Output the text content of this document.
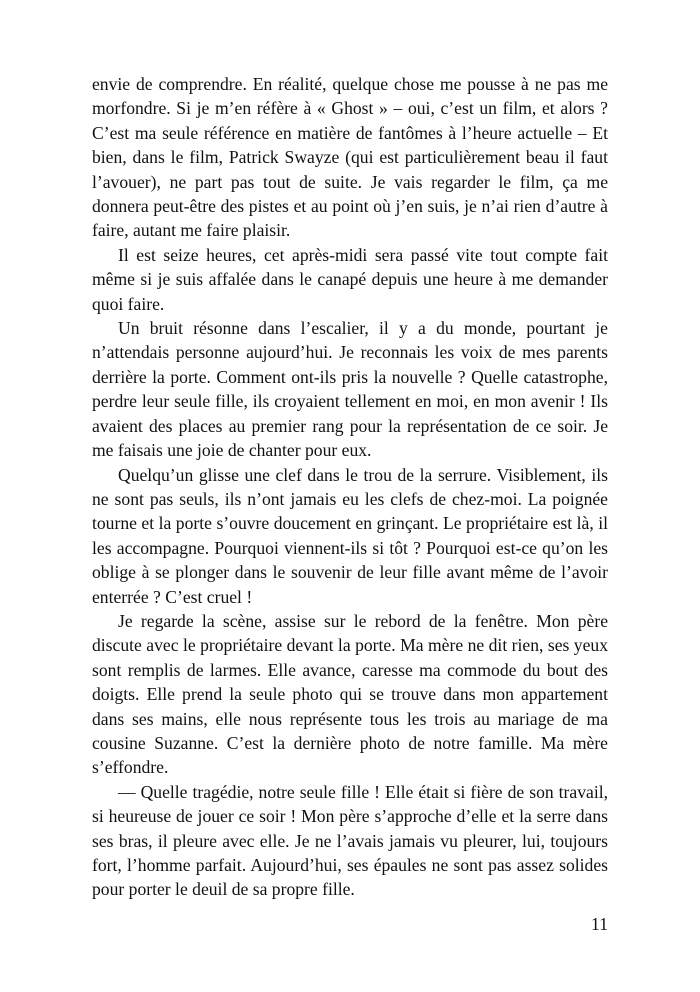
envie de comprendre. En réalité, quelque chose me pousse à ne pas me morfondre. Si je m’en réfère à « Ghost » – oui, c’est un film, et alors ? C’est ma seule référence en matière de fantômes à l’heure actuelle – Et bien, dans le film, Patrick Swayze (qui est particulièrement beau il faut l’avouer), ne part pas tout de suite. Je vais regarder le film, ça me donnera peut-être des pistes et au point où j’en suis, je n’ai rien d’autre à faire, autant me faire plaisir.

Il est seize heures, cet après-midi sera passé vite tout compte fait même si je suis affalée dans le canapé depuis une heure à me demander quoi faire.

Un bruit résonne dans l’escalier, il y a du monde, pourtant je n’attendais personne aujourd’hui. Je reconnais les voix de mes parents derrière la porte. Comment ont-ils pris la nouvelle ? Quelle catastrophe, perdre leur seule fille, ils croyaient tellement en moi, en mon avenir ! Ils avaient des places au premier rang pour la représentation de ce soir. Je me faisais une joie de chanter pour eux.

Quelqu’un glisse une clef dans le trou de la serrure. Visiblement, ils ne sont pas seuls, ils n’ont jamais eu les clefs de chez-moi. La poignée tourne et la porte s’ouvre doucement en grinçant. Le propriétaire est là, il les accompagne. Pourquoi viennent-ils si tôt ? Pourquoi est-ce qu’on les oblige à se plonger dans le souvenir de leur fille avant même de l’avoir enterrée ? C’est cruel !

Je regarde la scène, assise sur le rebord de la fenêtre. Mon père discute avec le propriétaire devant la porte. Ma mère ne dit rien, ses yeux sont remplis de larmes. Elle avance, caresse ma commode du bout des doigts. Elle prend la seule photo qui se trouve dans mon appartement dans ses mains, elle nous représente tous les trois au mariage de ma cousine Suzanne. C’est la dernière photo de notre famille. Ma mère s’effondre.

— Quelle tragédie, notre seule fille ! Elle était si fière de son travail, si heureuse de jouer ce soir ! Mon père s’approche d’elle et la serre dans ses bras, il pleure avec elle. Je ne l’avais jamais vu pleurer, lui, toujours fort, l’homme parfait. Aujourd’hui, ses épaules ne sont pas assez solides pour porter le deuil de sa propre fille.

11
